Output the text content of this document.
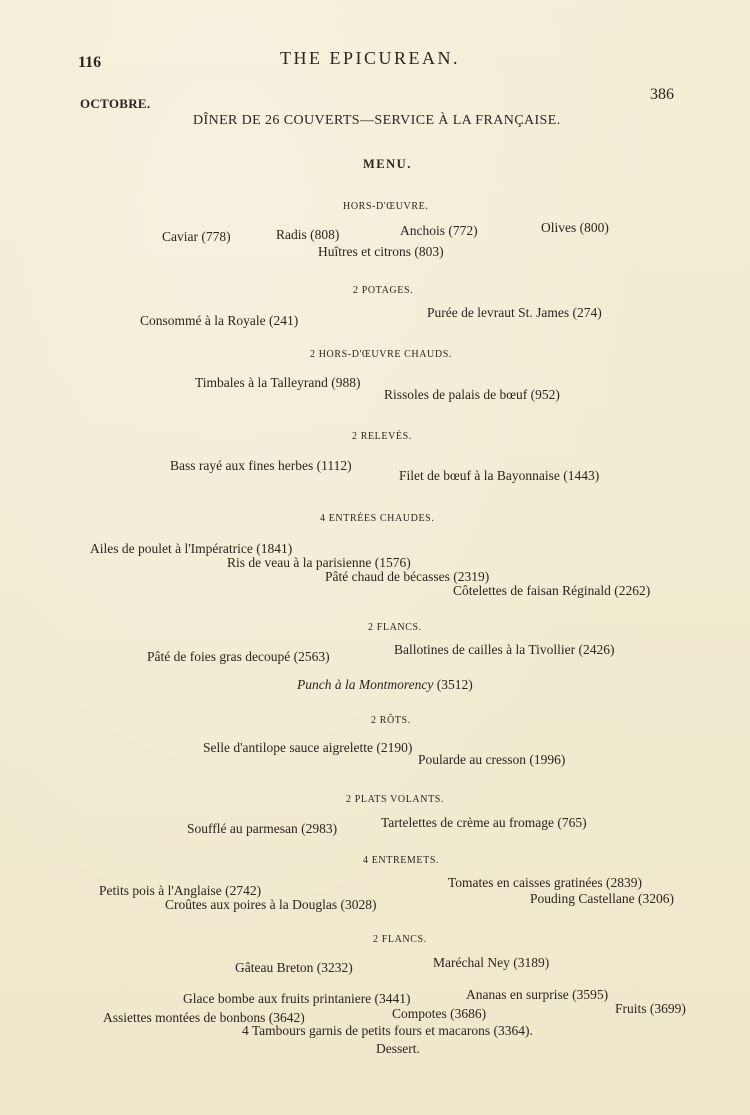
116	THE EPICUREAN.
386
OCTOBRE.
DÎNER DE 26 COUVERTS—SERVICE À LA FRANÇAISE.
MENU.
HORS-D'ŒUVRE.
Caviar (778)	Radis (808)	Anchois (772)	Olives (800)
Huîtres et citrons (803)
2 POTAGES.
Consommé à la Royale (241)
Purée de levraut St. James (274)
2 HORS-D'ŒUVRE CHAUDS.
Timbales à la Talleyrand (988)
Rissoles de palais de bœuf (952)
2 RELEVÉS.
Bass rayé aux fines herbes (1112)
Filet de bœuf à la Bayonnaise (1443)
4 ENTRÉES CHAUDES.
Ailes de poulet à l'Impératrice (1841)
Ris de veau à la parisienne (1576)
Pâté chaud de bécasses (2319)
Côtelettes de faisan Réginald (2262)
2 FLANCS.
Pâté de foies gras decoupé (2563)	Ballotines de cailles à la Tivollier (2426)
Punch à la Montmorency (3512)
2 RÔTS.
Selle d'antilope sauce aigrelette (2190)
Poularde au cresson (1996)
2 PLATS VOLANTS.
Soufflé au parmesan (2983)	Tartelettes de crème au fromage (765)
4 ENTREMETS.
Petits pois à l'Anglaise (2742)
Croûtes aux poires à la Douglas (3028)
Tomates en caisses gratinées (2839)
Pouding Castellane (3206)
2 FLANCS.
Gâteau Breton (3232)	Maréchal Ney (3189)
Glace bombe aux fruits printaniere (3441)	Ananas en surprise (3595)
Fruits (3699)
Assiettes montées de bonbons (3642)	Compotes (3686)
4 Tambours garnis de petits fours et macarons (3364).
Dessert.
